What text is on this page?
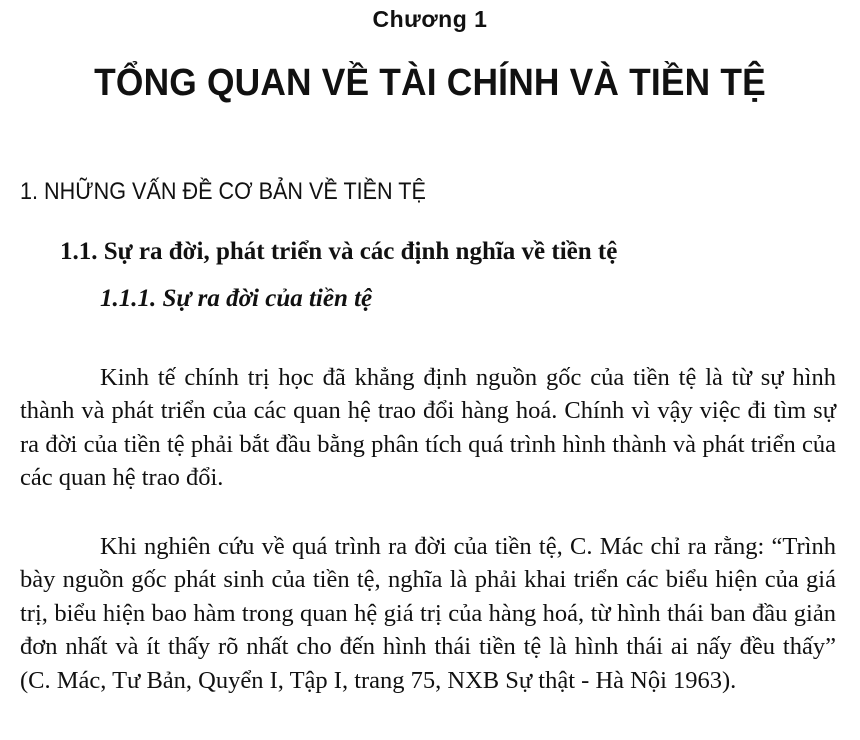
Chương 1
TỔNG QUAN VỀ TÀI CHÍNH VÀ TIỀN TỆ
1. NHỮNG VẤN ĐỀ CƠ BẢN VỀ TIỀN TỆ
1.1. Sự ra đời, phát triển và các định nghĩa về tiền tệ
1.1.1. Sự ra đời của tiền tệ

Kinh tế chính trị học đã khẳng định nguồn gốc của tiền tệ là từ sự hình thành và phát triển của các quan hệ trao đổi hàng hoá. Chính vì vậy việc đi tìm sự ra đời của tiền tệ phải bắt đầu bằng phân tích quá trình hình thành và phát triển của các quan hệ trao đổi.

Khi nghiên cứu về quá trình ra đời của tiền tệ, C. Mác chỉ ra rằng: “Trình bày nguồn gốc phát sinh của tiền tệ, nghĩa là phải khai triển các biểu hiện của giá trị, biểu hiện bao hàm trong quan hệ giá trị của hàng hoá, từ hình thái ban đầu giản đơn nhất và ít thấy rõ nhất cho đến hình thái tiền tệ là hình thái ai nấy đều thấy” (C. Mác, Tư Bản, Quyển I, Tập I, trang 75, NXB Sự thật - Hà Nội 1963).
